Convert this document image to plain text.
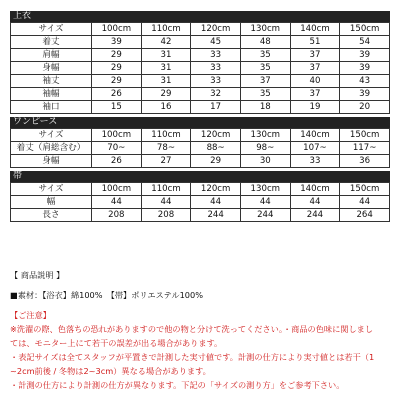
上衣
サイズ	100cm	110cm	120cm	130cm	140cm	150cm
着丈	39	42	45	48	51	54
肩幅	29	31	33	35	37	39
身幅	29	31	33	35	37	39
袖丈	29	31	33	37	40	43
袖幅	26	29	32	35	37	39
袖口	15	16	17	18	19	20
ワンピース
サイズ	100cm	110cm	120cm	130cm	140cm	150cm
着丈（肩総含む）	70~	78~	88~	98~	107~	117~
身幅	26	27	29	30	33	36
帯
サイズ	100cm	110cm	120cm	130cm	140cm	150cm
幅	44	44	44	44	44	44
長さ	208	208	244	244	244	264

【 商品説明 】

■素材：【浴衣】綿100%　【帯】ポリエステル100%

【ご注意】

※洗濯の際、色落ちの恐れがありますので他の物と分けて洗ってください。・商品の色味に関しまし

ては、モニター上にて若干の誤差が出る場合があります。

・表記サイズは全てスタッフが平置きで計測した実寸値です。計測の仕方により実寸値とは若干（1

~2cm前後 / 冬物は2~3cm）異なる場合があります。

・計測の仕方により計測の仕方が異なります。下記の「サイズの測り方」をご参考下さい。
